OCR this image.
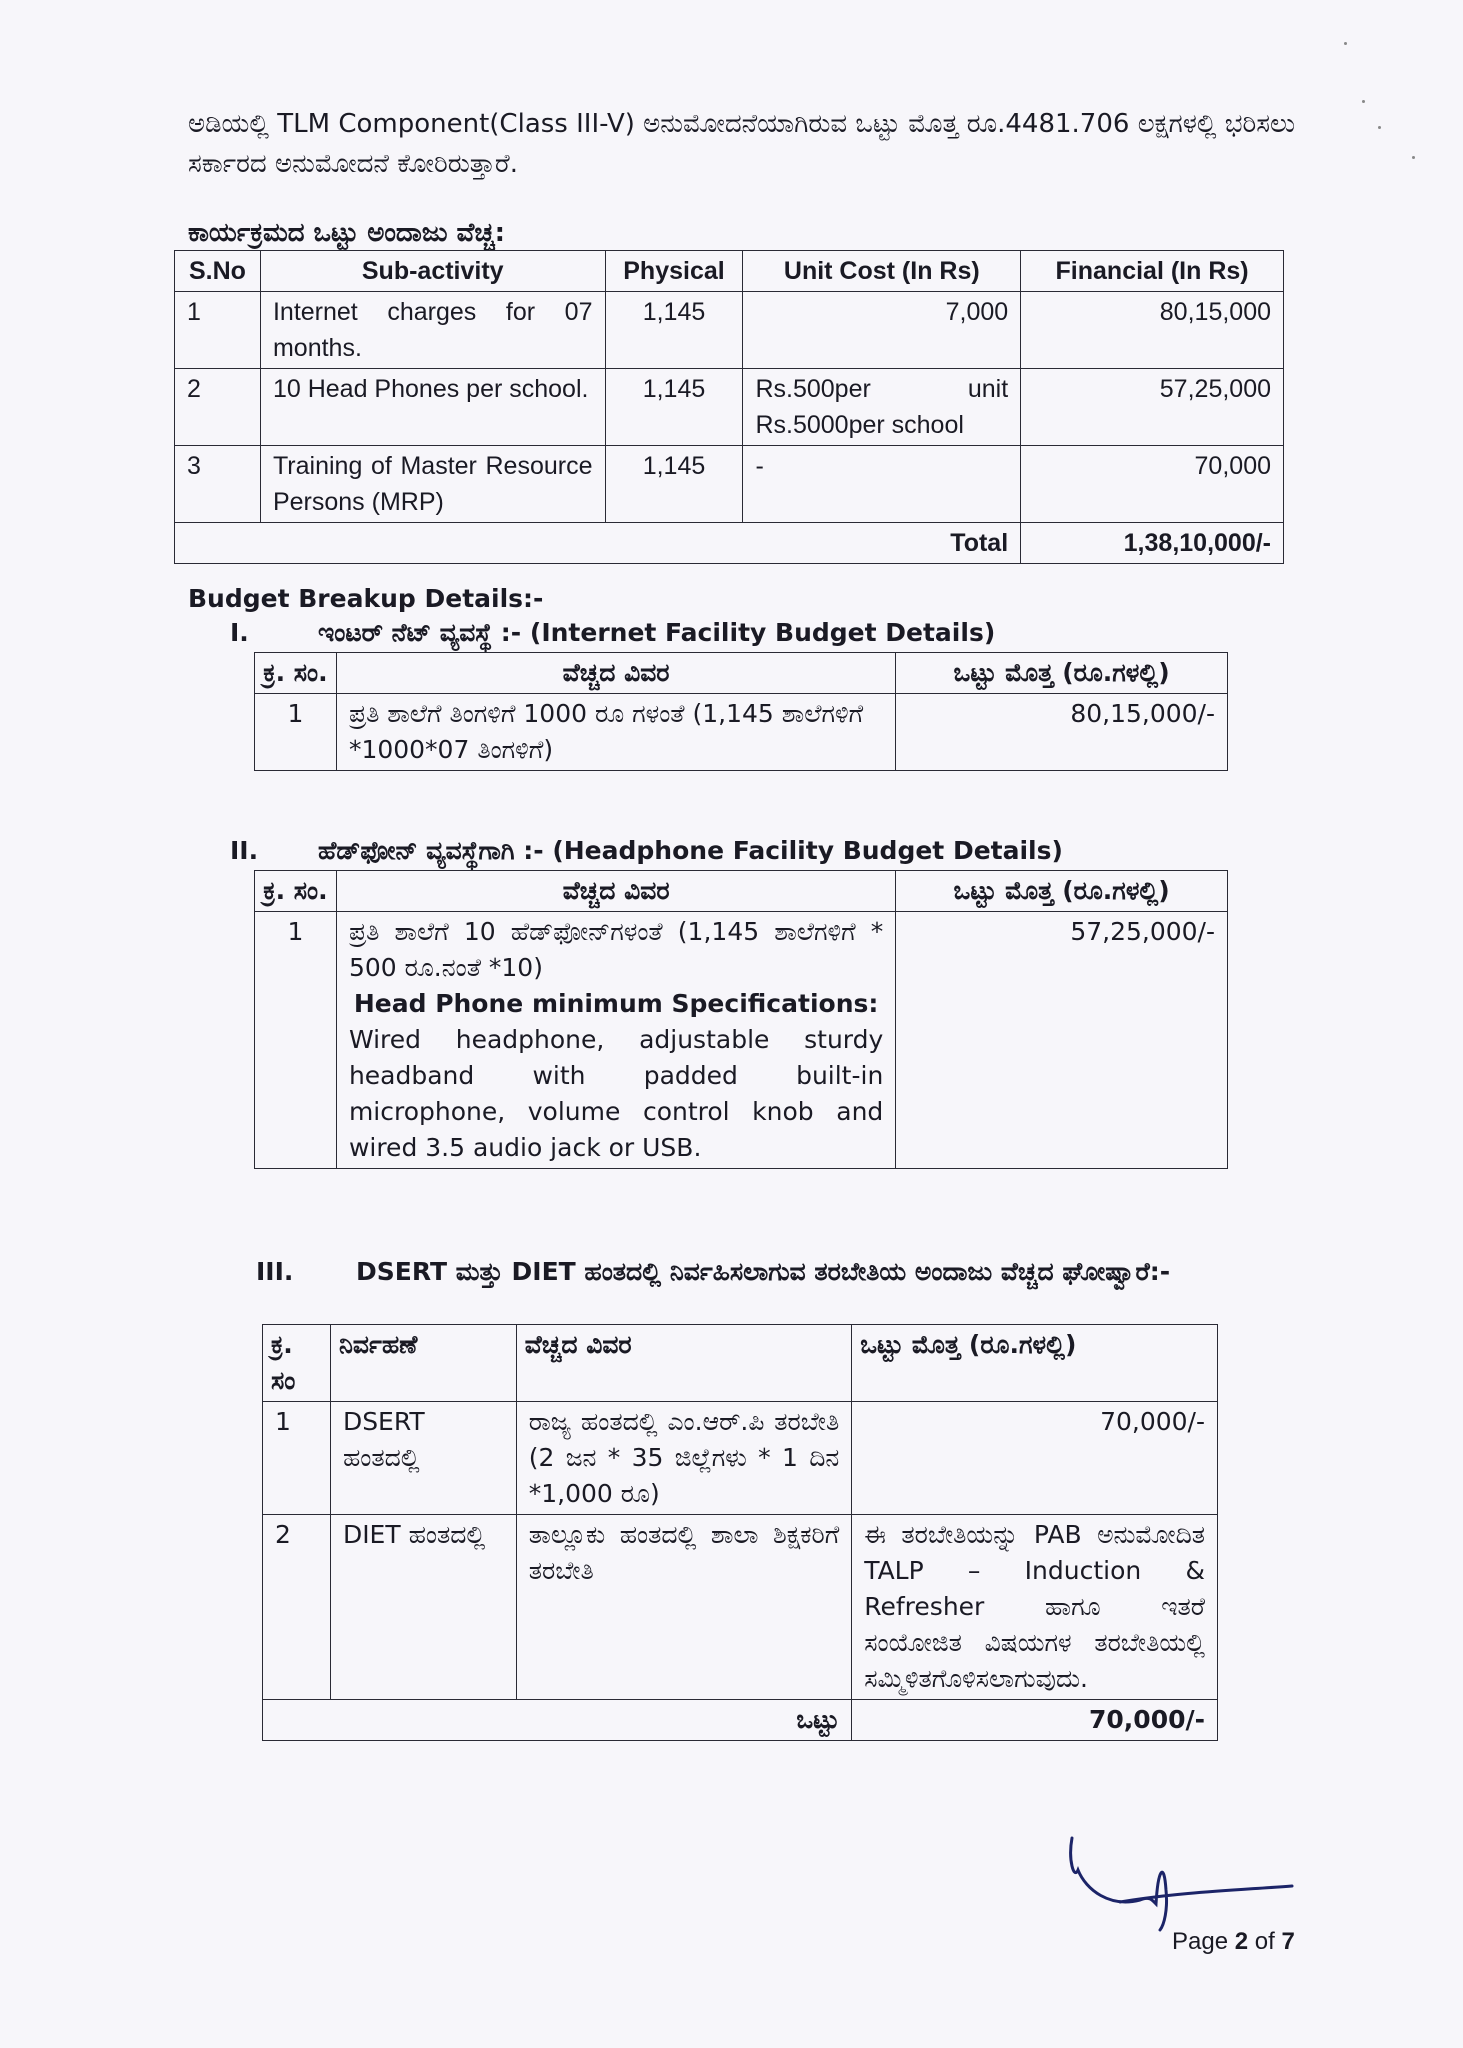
ಅಡಿಯಲ್ಲಿ TLM Component(Class III-V) ಅನುಮೋದನೆಯಾಗಿರುವ ಒಟ್ಟು ಮೊತ್ತ ರೂ.4481.706 ಲಕ್ಷಗಳಲ್ಲಿ ಭರಿಸಲು ಸರ್ಕಾರದ ಅನುಮೋದನೆ ಕೋರಿರುತ್ತಾರೆ.

ಕಾರ್ಯಕ್ರಮದ ಒಟ್ಟು ಅಂದಾಜು ವೆಚ್ಚ:

S.No	Sub-activity	Physical	Unit Cost (In Rs)	Financial (In Rs)
1	Internet charges for 07 months.	1,145	7,000	80,15,000
2	10 Head Phones per school.	1,145	Rs.500per unit Rs.5000per school	57,25,000
3	Training of Master Resource Persons (MRP)	1,145	-	70,000
Total				1,38,10,000/-

Budget Breakup Details:-

I.	ಇಂಟರ್ ನೆಟ್ ವ್ಯವಸ್ಥೆ :- (Internet Facility Budget Details)

ಕ್ರ. ಸಂ.	ವೆಚ್ಚದ ವಿವರ	ಒಟ್ಟು ಮೊತ್ತ (ರೂ.ಗಳಲ್ಲಿ)
1	ಪ್ರತಿ ಶಾಲೆಗೆ ತಿಂಗಳಿಗೆ 1000 ರೂ ಗಳಂತೆ (1,145 ಶಾಲೆಗಳಿಗೆ *1000*07 ತಿಂಗಳಿಗೆ)	80,15,000/-

II. ಹೆಡ್‌ಫೋನ್ ವ್ಯವಸ್ಥೆಗಾಗಿ :- (Headphone Facility Budget Details)

ಕ್ರ. ಸಂ.	ವೆಚ್ಚದ ವಿವರ	ಒಟ್ಟು ಮೊತ್ತ (ರೂ.ಗಳಲ್ಲಿ)
1	ಪ್ರತಿ ಶಾಲೆಗೆ 10 ಹೆಡ್‌ಫೋನ್‌ಗಳಂತೆ (1,145 ಶಾಲೆಗಳಿಗೆ * 500 ರೂ.ನಂತೆ *10)
Head Phone minimum Specifications:
Wired headphone, adjustable sturdy headband with padded built-in microphone, volume control knob and wired 3.5 audio jack or USB.	57,25,000/-

III.	DSERT ಮತ್ತು DIET ಹಂತದಲ್ಲಿ ನಿರ್ವಹಿಸಲಾಗುವ ತರಬೇತಿಯ ಅಂದಾಜು ವೆಚ್ಚದ ಘೋಷ್ವಾರೆ:-

ಕ್ರ. ಸಂ	ನಿರ್ವಹಣೆ	ವೆಚ್ಚದ ವಿವರ	ಒಟ್ಟು ಮೊತ್ತ (ರೂ.ಗಳಲ್ಲಿ)
1	DSERT ಹಂತದಲ್ಲಿ	ರಾಜ್ಯ ಹಂತದಲ್ಲಿ ಎಂ.ಆರ್.ಪಿ ತರಬೇತಿ (2 ಜನ * 35 ಜಿಲ್ಲೆಗಳು * 1 ದಿನ *1,000 ರೂ)	70,000/-
2	DIET ಹಂತದಲ್ಲಿ	ತಾಲ್ಲೂಕು ಹಂತದಲ್ಲಿ ಶಾಲಾ ಶಿಕ್ಷಕರಿಗೆ ತರಬೇತಿ	ಈ ತರಬೇತಿಯನ್ನು PAB ಅನುಮೋದಿತ TALP – Induction & Refresher ಹಾಗೂ ಇತರೆ ಸಂಯೋಜಿತ ವಿಷಯಗಳ ತರಬೇತಿಯಲ್ಲಿ ಸಮ್ಮಿಳಿತಗೊಳಿಸಲಾಗುವುದು.
ಒಟ್ಟು			70,000/-
Page 2 of 7
